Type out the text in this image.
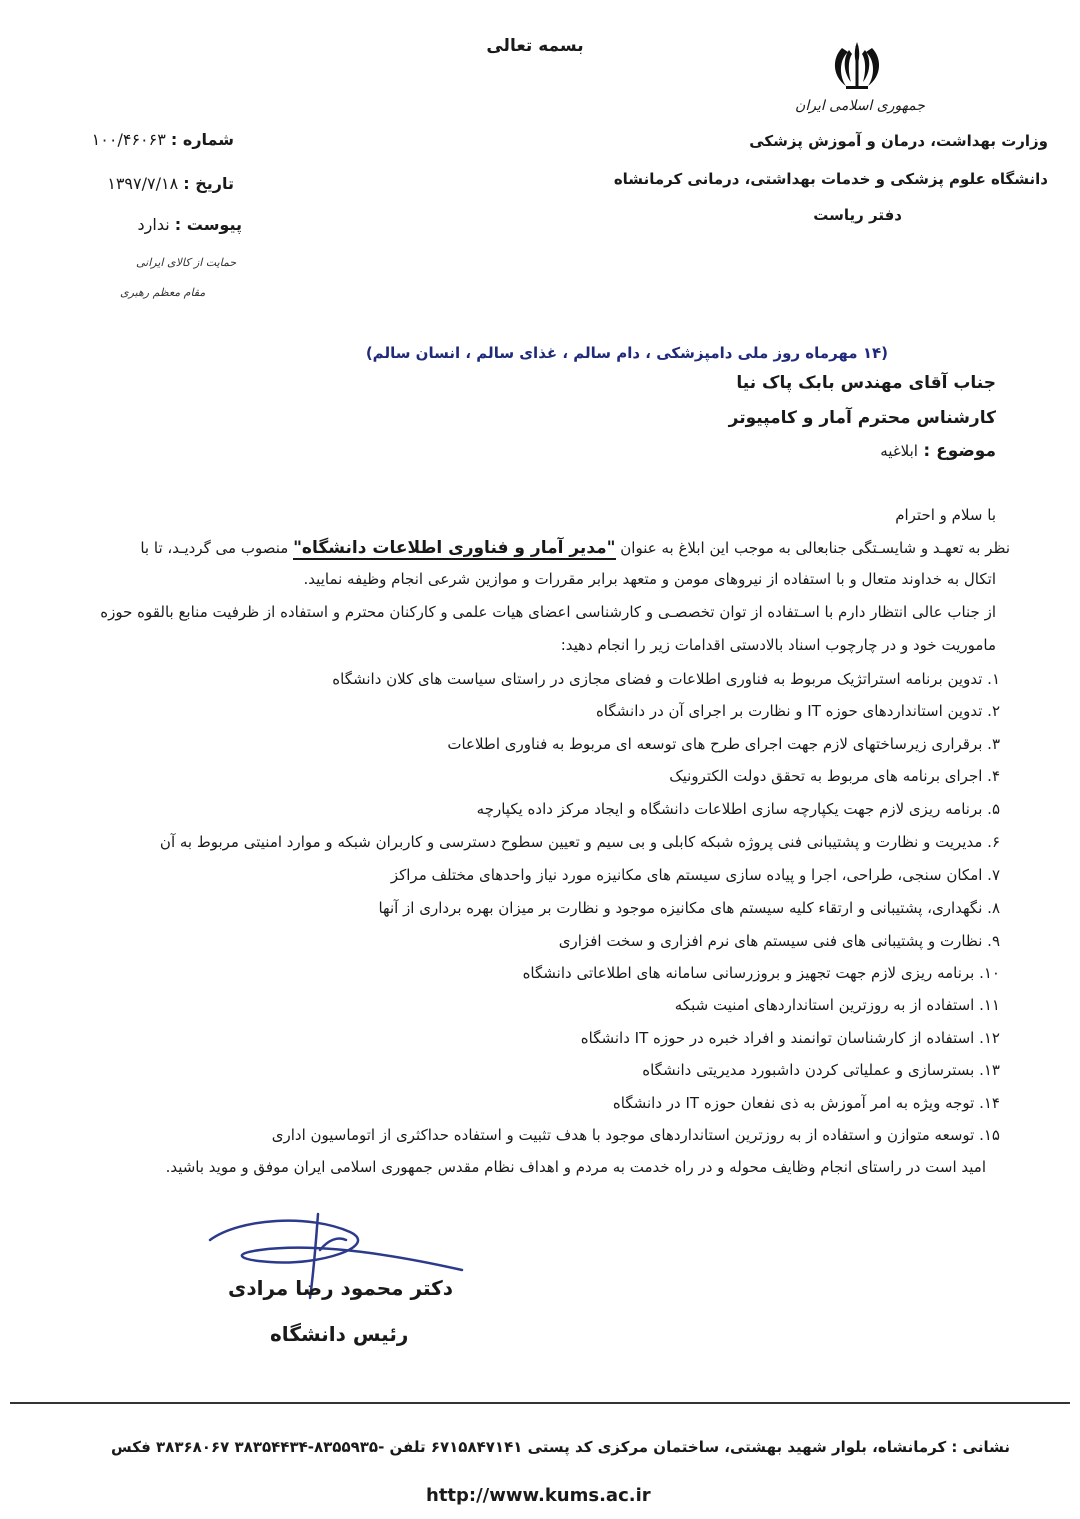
بسمه تعالی
جمهوری اسلامی ایران
وزارت بهداشت، درمان و آموزش پزشکی
دانشگاه علوم پزشکی و خدمات بهداشتی، درمانی کرمانشاه
دفتر ریاست
شماره : ۱۰۰/۴۶۰۶۳
تاریخ : ۱۳۹۷/۷/۱۸
پیوست : ندارد
حمایت از کالای ایرانی
مقام معظم رهبری
(۱۴ مهرماه روز ملی دامپزشکی ، دام سالم ، غذای سالم ، انسان سالم)
جناب آقای مهندس بابک پاک نیا
کارشناس محترم آمار و کامپیوتر
موضوع : ابلاغیه
با سلام و احترام
نظر به تعهـد و شایسـتگی جنابعالی به موجب این ابلاغ به عنوان "مدیر آمار و فناوری اطلاعات دانشگاه" منصوب می گردیـد، تا با
اتکال به خداوند متعال و با استفاده از نیروهای مومن و متعهد برابر مقررات و موازین شرعی انجام وظیفه نمایید.
از جناب عالی انتظار دارم با اسـتفاده از توان تخصصـی و کارشناسی اعضای هیات علمی و کارکنان محترم و استفاده از ظرفیت منابع بالقوه حوزه
ماموریت خود و در چارچوب اسناد بالادستی اقدامات زیر را انجام دهید:
۱. تدوین برنامه استراتژیک مربوط به فناوری اطلاعات و فضای مجازی در راستای سیاست های کلان دانشگاه
۲. تدوین استانداردهای حوزه IT و نظارت بر اجرای آن در دانشگاه
۳. برقراری زیرساختهای لازم جهت اجرای طرح های توسعه ای مربوط به فناوری اطلاعات
۴. اجرای برنامه های مربوط به تحقق دولت الکترونیک
۵. برنامه ریزی لازم جهت یکپارچه سازی اطلاعات دانشگاه و ایجاد مرکز داده یکپارچه
۶. مدیریت و نظارت و پشتیبانی فنی پروژه شبکه کابلی و بی سیم و تعیین سطوح دسترسی و کاربران شبکه و موارد امنیتی مربوط به آن
۷. امکان سنجی، طراحی، اجرا و پیاده سازی سیستم های مکانیزه مورد نیاز واحدهای مختلف مراکز
۸. نگهداری، پشتیبانی و ارتقاء کلیه سیستم های مکانیزه موجود و نظارت بر میزان بهره برداری از آنها
۹. نظارت و پشتیبانی های فنی سیستم های نرم افزاری و سخت افزاری
۱۰. برنامه ریزی لازم جهت تجهیز و بروزرسانی سامانه های اطلاعاتی دانشگاه
۱۱. استفاده از به روزترین استانداردهای امنیت شبکه
۱۲. استفاده از کارشناسان توانمند و افراد خبره در حوزه IT دانشگاه
۱۳. بسترسازی و عملیاتی کردن داشبورد مدیریتی دانشگاه
۱۴. توجه ویژه به امر آموزش به ذی نفعان حوزه IT در دانشگاه
۱۵. توسعه متوازن و استفاده از به روزترین استانداردهای موجود با هدف تثبیت و استفاده حداکثری از اتوماسیون اداری
امید است در راستای انجام وظایف محوله و در راه خدمت به مردم و اهداف نظام مقدس جمهوری اسلامی ایران موفق و موید باشید.
دکتر محمود رضا مرادی
رئیس دانشگاه
نشانی : کرمانشاه، بلوار شهید بهشتی، ساختمان مرکزی کد پستی ۶۷۱۵۸۴۷۱۴۱ تلفن -۸۳۵۵۹۳۵-۳۸۳۵۴۴۳۴ ۳۸۳۶۸۰۶۷ فکس
http://www.kums.ac.ir
